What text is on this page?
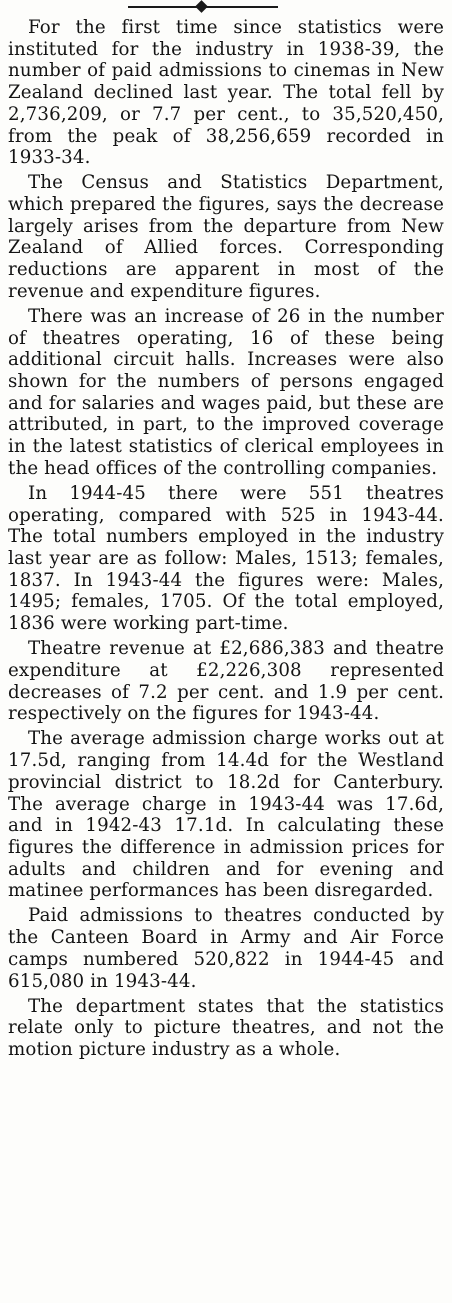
For the first time since statistics were instituted for the industry in 1938-39, the number of paid admissions to cinemas in New Zealand declined last year. The total fell by 2,736,209, or 7.7 per cent., to 35,520,450, from the peak of 38,256,659 recorded in 1933-34.

The Census and Statistics Department, which prepared the figures, says the decrease largely arises from the departure from New Zealand of Allied forces. Corresponding reductions are apparent in most of the revenue and expenditure figures.

There was an increase of 26 in the number of theatres operating, 16 of these being additional circuit halls. Increases were also shown for the numbers of persons engaged and for salaries and wages paid, but these are attributed, in part, to the improved coverage in the latest statistics of clerical employees in the head offices of the controlling companies.

In 1944-45 there were 551 theatres operating, compared with 525 in 1943-44. The total numbers employed in the industry last year are as follow: Males, 1513; females, 1837. In 1943-44 the figures were: Males, 1495; females, 1705. Of the total employed, 1836 were working part-time.

Theatre revenue at £2,686,383 and theatre expenditure at £2,226,308 represented decreases of 7.2 per cent. and 1.9 per cent. respectively on the figures for 1943-44.

The average admission charge works out at 17.5d, ranging from 14.4d for the Westland provincial district to 18.2d for Canterbury. The average charge in 1943-44 was 17.6d, and in 1942-43 17.1d. In calculating these figures the difference in admission prices for adults and children and for evening and matinee performances has been disregarded.

Paid admissions to theatres conducted by the Canteen Board in Army and Air Force camps numbered 520,822 in 1944-45 and 615,080 in 1943-44.

The department states that the statistics relate only to picture theatres, and not the motion picture industry as a whole.
